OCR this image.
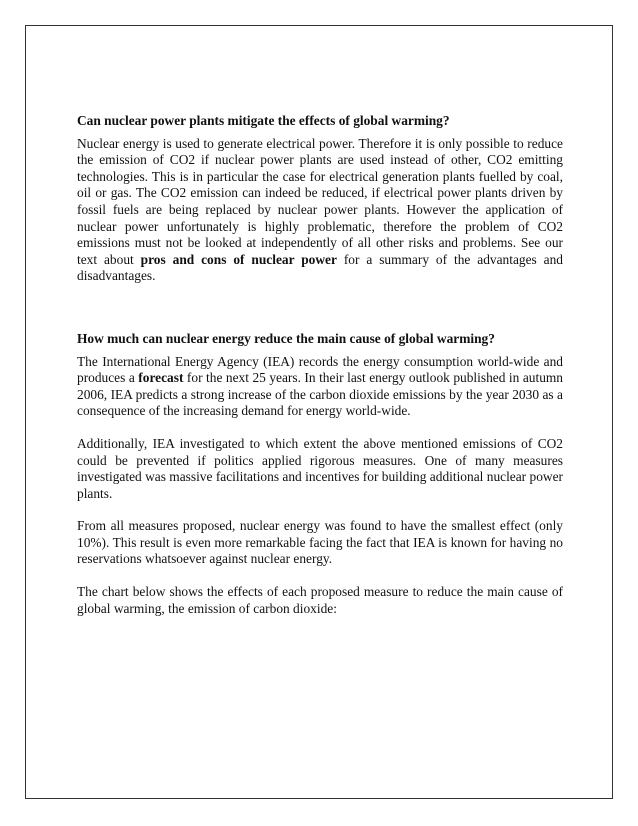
Can nuclear power plants mitigate the effects of global warming?

Nuclear energy is used to generate electrical power. Therefore it is only possible to reduce the emission of CO2 if nuclear power plants are used instead of other, CO2 emitting technologies. This is in particular the case for electrical generation plants fuelled by coal, oil or gas. The CO2 emission can indeed be reduced, if electrical power plants driven by fossil fuels are being replaced by nuclear power plants. However the application of nuclear power unfortunately is highly problematic, therefore the problem of CO2 emissions must not be looked at independently of all other risks and problems. See our text about pros and cons of nuclear power for a summary of the advantages and disadvantages.

How much can nuclear energy reduce the main cause of global warming?

The International Energy Agency (IEA) records the energy consumption world-wide and produces a forecast for the next 25 years. In their last energy outlook published in autumn 2006, IEA predicts a strong increase of the carbon dioxide emissions by the year 2030 as a consequence of the increasing demand for energy world-wide.

Additionally, IEA investigated to which extent the above mentioned emissions of CO2 could be prevented if politics applied rigorous measures. One of many measures investigated was massive facilitations and incentives for building additional nuclear power plants.

From all measures proposed, nuclear energy was found to have the smallest effect (only 10%). This result is even more remarkable facing the fact that IEA is known for having no reservations whatsoever against nuclear energy.

The chart below shows the effects of each proposed measure to reduce the main cause of global warming, the emission of carbon dioxide:
